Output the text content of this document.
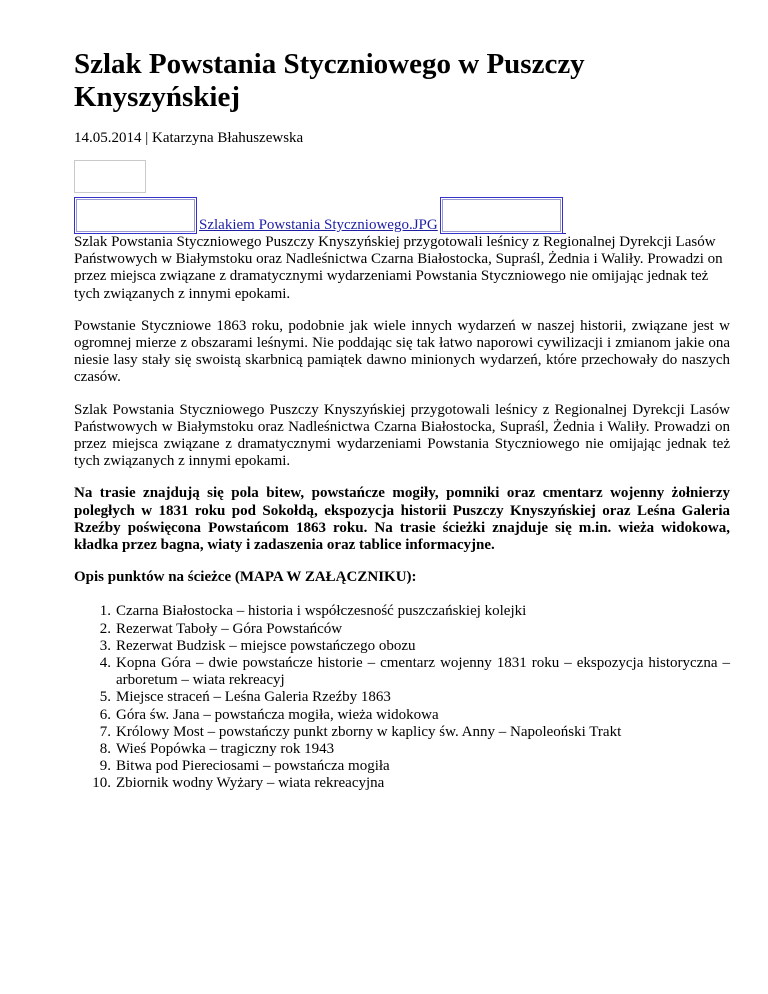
Szlak Powstania Styczniowego w Puszczy Knyszyńskiej
14.05.2014 | Katarzyna Błahuszewska
Szlakiem Powstania Styczniowego.JPG

Szlak Powstania Styczniowego Puszczy Knyszyńskiej przygotowali leśnicy z Regionalnej Dyrekcji Lasów Państwowych w Białymstoku oraz Nadleśnictwa Czarna Białostocka, Supraśl, Żednia i Waliły. Prowadzi on przez miejsca związane z dramatycznymi wydarzeniami Powstania Styczniowego nie omijając jednak też tych związanych z innymi epokami.

Powstanie Styczniowe 1863 roku, podobnie jak wiele innych wydarzeń w naszej historii, związane jest w ogromnej mierze z obszarami leśnymi. Nie poddając się tak łatwo naporowi cywilizacji i zmianom jakie ona niesie lasy stały się swoistą skarbnicą pamiątek dawno minionych wydarzeń, które przechowały do naszych czasów.

Szlak Powstania Styczniowego Puszczy Knyszyńskiej przygotowali leśnicy z Regionalnej Dyrekcji Lasów Państwowych w Białymstoku oraz Nadleśnictwa Czarna Białostocka, Supraśl, Żednia i Waliły. Prowadzi on przez miejsca związane z dramatycznymi wydarzeniami Powstania Styczniowego nie omijając jednak też tych związanych z innymi epokami.

Na trasie znajdują się pola bitew, powstańcze mogiły, pomniki oraz cmentarz wojenny żołnierzy poległych w 1831 roku pod Sokołdą, ekspozycja historii Puszczy Knyszyńskiej oraz Leśna Galeria Rzeźby poświęcona Powstańcom 1863 roku. Na trasie ścieżki znajduje się m.in. wieża widokowa, kładka przez bagna, wiaty i zadaszenia oraz tablice informacyjne.

Opis punktów na ścieżce (MAPA W ZAŁĄCZNIKU):

1. Czarna Białostocka – historia i współczesność puszczańskiej kolejki
2. Rezerwat Taboły – Góra Powstańców
3. Rezerwat Budzisk – miejsce powstańczego obozu
4. Kopna Góra – dwie powstańcze historie – cmentarz wojenny 1831 roku – ekspozycja historyczna – arboretum – wiata rekreacyj
5. Miejsce straceń – Leśna Galeria Rzeźby 1863
6. Góra św. Jana – powstańcza mogiła, wieża widokowa
7. Królowy Most – powstańczy punkt zborny w kaplicy św. Anny – Napoleoński Trakt
8. Wieś Popówka – tragiczny rok 1943
9. Bitwa pod Piereciosami – powstańcza mogiła
10. Zbiornik wodny Wyżary – wiata rekreacyjna
